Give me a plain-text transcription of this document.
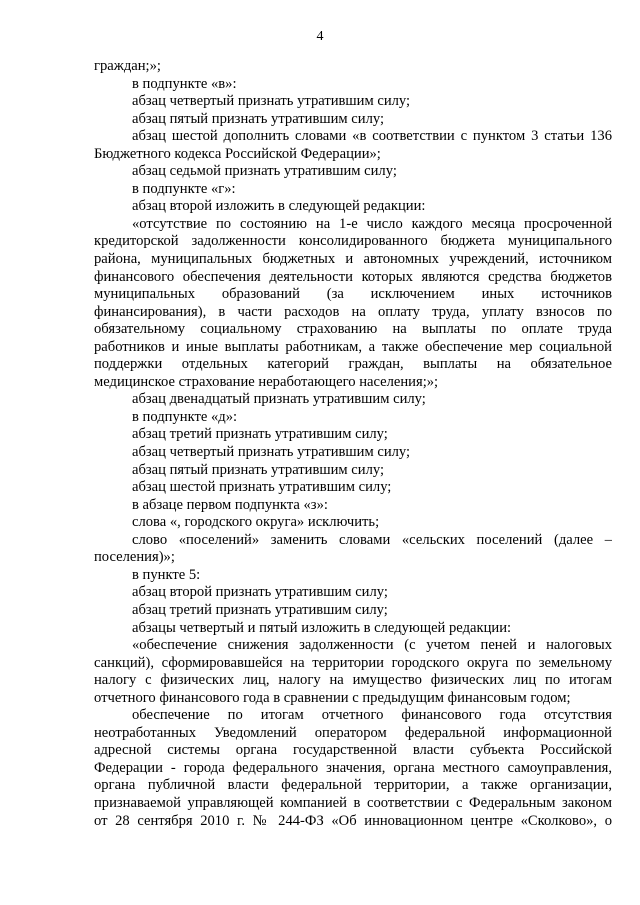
4
граждан;»;
в подпункте «в»:
абзац четвертый признать утратившим силу;
абзац пятый признать утратившим силу;
абзац шестой дополнить словами «в соответствии с пунктом 3 статьи 136
Бюджетного кодекса Российской Федерации»;
абзац седьмой признать утратившим силу;
в подпункте «г»:
абзац второй изложить в следующей редакции:
«отсутствие по состоянию на 1-е число каждого месяца просроченной
кредиторской задолженности консолидированного бюджета муниципального
района, муниципальных бюджетных и автономных учреждений, источником
финансового обеспечения деятельности которых являются средства бюджетов
муниципальных образований (за исключением иных источников
финансирования), в части расходов на оплату труда, уплату взносов по
обязательному социальному страхованию на выплаты по оплате труда
работников и иные выплаты работникам, а также обеспечение мер социальной
поддержки отдельных категорий граждан, выплаты на обязательное
медицинское страхование неработающего населения;»;
абзац двенадцатый признать утратившим силу;
в подпункте «д»:
абзац третий признать утратившим силу;
абзац четвертый признать утратившим силу;
абзац пятый признать утратившим силу;
абзац шестой признать утратившим силу;
в абзаце первом подпункта «з»:
слова «, городского округа» исключить;
слово «поселений» заменить словами «сельских поселений (далее –
поселения)»;
в пункте 5:
абзац второй признать утратившим силу;
абзац третий признать утратившим силу;
абзацы четвертый и пятый изложить в следующей редакции:
«обеспечение снижения задолженности (с учетом пеней и налоговых
санкций), сформировавшейся на территории городского округа по земельному
налогу с физических лиц, налогу на имущество физических лиц по итогам
отчетного финансового года в сравнении с предыдущим финансовым годом;
обеспечение по итогам отчетного финансового года отсутствия
неотработанных Уведомлений оператором федеральной информационной
адресной системы органа государственной власти субъекта Российской
Федерации - города федерального значения, органа местного самоуправления,
органа публичной власти федеральной территории, а также организации,
признаваемой управляющей компанией в соответствии с Федеральным законом
от 28 сентября 2010 г. № 244-ФЗ «Об инновационном центре «Сколково», о
